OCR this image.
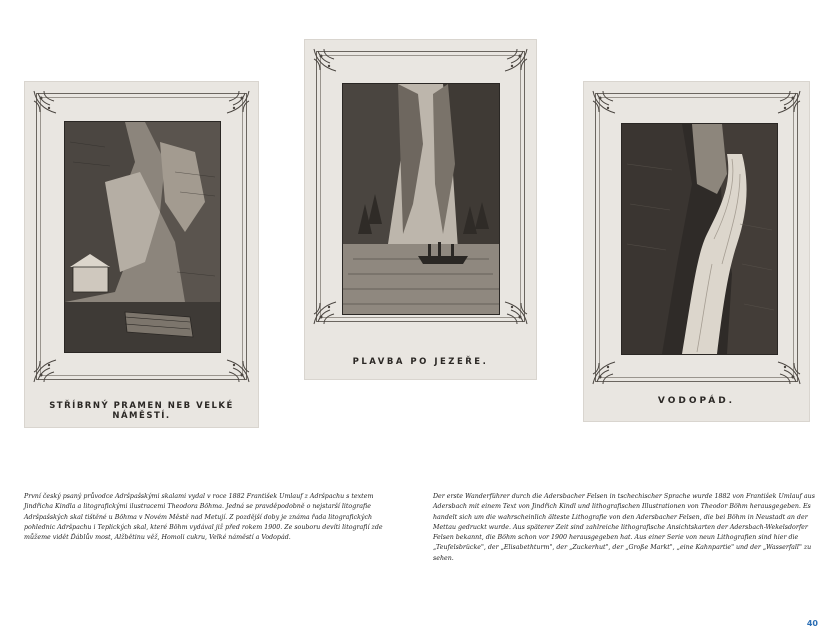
STŘÍBRNÝ PRAMEN NEB VELKÉ NÁMĚSTÍ.
PLAVBA PO JEZEŘE.
VODOPÁD.
První český psaný průvodce Adršpašskými skalami vydal v roce 1882 František Umlauf z Adršpachu s textem Jindřicha Kindla a litografickými ilustracemi Theodora Böhma. Jedná se pravděpodobně o nejstarší litografie Adršpašských skal tištěné u Böhma v Novém Městě nad Metují. Z pozdější doby je známa řada litografických pohlednic Adršpachu i Teplických skal, které Böhm vydával již před rokem 1900. Ze souboru devíti litografií zde můžeme vidět Ďáblův most, Alžbětinu věž, Homoli cukru, Velké náměstí a Vodopád.
Der erste Wanderführer durch die Adersbacher Felsen in tschechischer Sprache wurde 1882 von František Umlauf aus Adersbach mit einem Text von Jindřich Kindl und lithografischen Illustrationen von Theodor Böhm herausgegeben. Es handelt sich um die wahrscheinlich älteste Lithografie von den Adersbacher Felsen, die bei Böhm in Neustadt an der Mettau gedruckt wurde. Aus späterer Zeit sind zahlreiche lithografische Ansichtskarten der Adersbach-Wekelsdorfer Felsen bekannt, die Böhm schon vor 1900 herausgegeben hat. Aus einer Serie von neun Lithografien sind hier die „Teufelsbrücke", der „Elisabethturm", der „Zuckerhut", der „Große Markt", „eine Kahnpartie" und der „Wasserfall" zu sehen.
40
